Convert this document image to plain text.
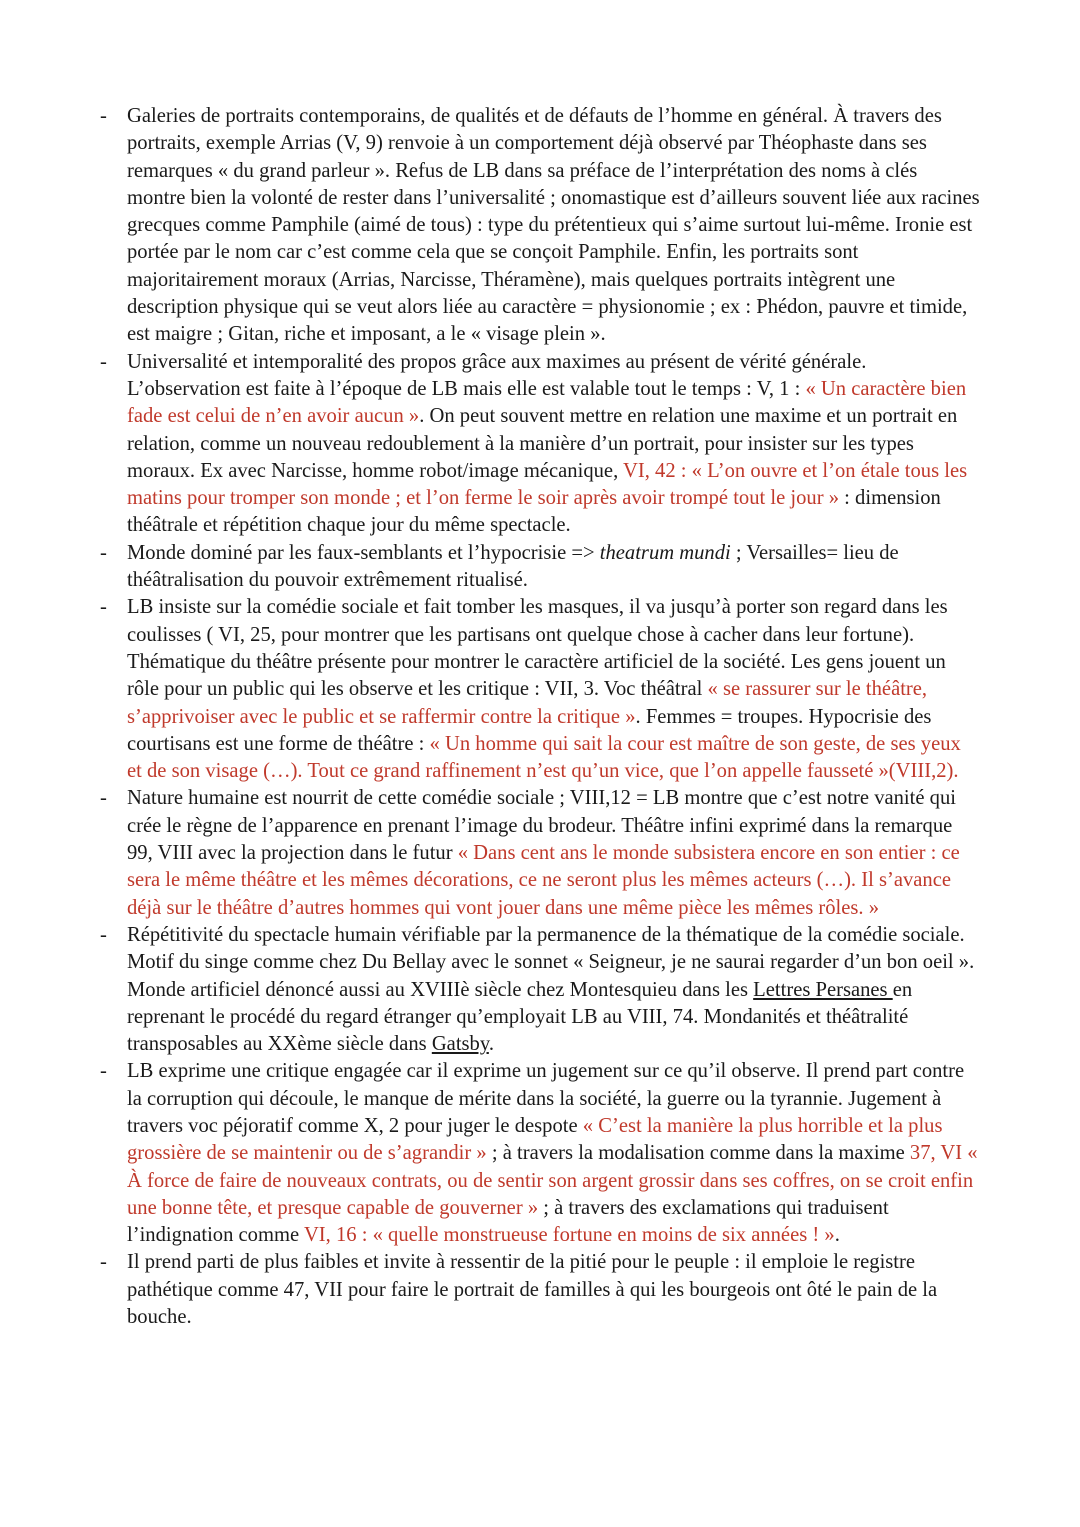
- Galeries de portraits contemporains, de qualités et de défauts de l’homme en général. À travers des portraits, exemple Arrias (V, 9) renvoie à un comportement déjà observé par Théophaste dans ses remarques « du grand parleur ». Refus de LB dans sa préface de l’interprétation des noms à clés montre bien la volonté de rester dans l’universalité ; onomastique est d’ailleurs souvent liée aux racines grecques comme Pamphile (aimé de tous) : type du prétentieux qui s’aime surtout lui-même. Ironie est portée par le nom car c’est comme cela que se conçoit Pamphile. Enfin, les portraits sont majoritairement moraux (Arrias, Narcisse, Théramène), mais quelques portraits intègrent une description physique qui se veut alors liée au caractère = physionomie ; ex : Phédon, pauvre et timide, est maigre ; Gitan, riche et imposant, a le « visage plein ».
- Universalité et intemporalité des propos grâce aux maximes au présent de vérité générale. L’observation est faite à l’époque de LB mais elle est valable tout le temps : V, 1 : « Un caractère bien fade est celui de n’en avoir aucun ». On peut souvent mettre en relation une maxime et un portrait en relation, comme un nouveau redoublement à la manière d’un portrait, pour insister sur les types moraux. Ex avec Narcisse, homme robot/image mécanique, VI, 42 : « L’on ouvre et l’on étale tous les matins pour tromper son monde ; et l’on ferme le soir après avoir trompé tout le jour » : dimension théâtrale et répétition chaque jour du même spectacle.
- Monde dominé par les faux-semblants et l’hypocrisie => theatrum mundi ; Versailles= lieu de théâtralisation du pouvoir extrêmement ritualisé.
- LB insiste sur la comédie sociale et fait tomber les masques, il va jusqu’à porter son regard dans les coulisses ( VI, 25, pour montrer que les partisans ont quelque chose à cacher dans leur fortune). Thématique du théâtre présente pour montrer le caractère artificiel de la société. Les gens jouent un rôle pour un public qui les observe et les critique : VII, 3. Voc théâtral « se rassurer sur le théâtre, s’apprivoiser avec le public et se raffermir contre la critique ». Femmes = troupes. Hypocrisie des courtisans est une forme de théâtre : « Un homme qui sait la cour est maître de son geste, de ses yeux et de son visage (…). Tout ce grand raffinement n’est qu’un vice, que l’on appelle fausseté »(VIII,2).
- Nature humaine est nourrit de cette comédie sociale ; VIII,12 = LB montre que c’est notre vanité qui crée le règne de l’apparence en prenant l’image du brodeur. Théâtre infini exprimé dans la remarque 99, VIII avec la projection dans le futur « Dans cent ans le monde subsistera encore en son entier : ce sera le même théâtre et les mêmes décorations, ce ne seront plus les mêmes acteurs (…). Il s’avance déjà sur le théâtre d’autres hommes qui vont jouer dans une même pièce les mêmes rôles. »
- Répétitivité du spectacle humain vérifiable par la permanence de la thématique de la comédie sociale. Motif du singe comme chez Du Bellay avec le sonnet « Seigneur, je ne saurai regarder d’un bon oeil ». Monde artificiel dénoncé aussi au XVIIIè siècle chez Montesquieu dans les Lettres Persanes en reprenant le procédé du regard étranger qu’employait LB au VIII, 74. Mondanités et théâtralité transposables au XXème siècle dans Gatsby.
- LB exprime une critique engagée car il exprime un jugement sur ce qu’il observe. Il prend part contre la corruption qui découle, le manque de mérite dans la société, la guerre ou la tyrannie. Jugement à travers voc péjoratif comme X, 2 pour juger le despote « C’est la manière la plus horrible et la plus grossière de se maintenir ou de s’agrandir » ; à travers la modalisation comme dans la maxime 37, VI « À force de faire de nouveaux contrats, ou de sentir son argent grossir dans ses coffres, on se croit enfin une bonne tête, et presque capable de gouverner » ; à travers des exclamations qui traduisent l’indignation comme VI, 16 : « quelle monstrueuse fortune en moins de six années ! ».
- Il prend parti de plus faibles et invite à ressentir de la pitié pour le peuple : il emploie le registre pathétique comme 47, VII pour faire le portrait de familles à qui les bourgeois ont ôté le pain de la bouche.
